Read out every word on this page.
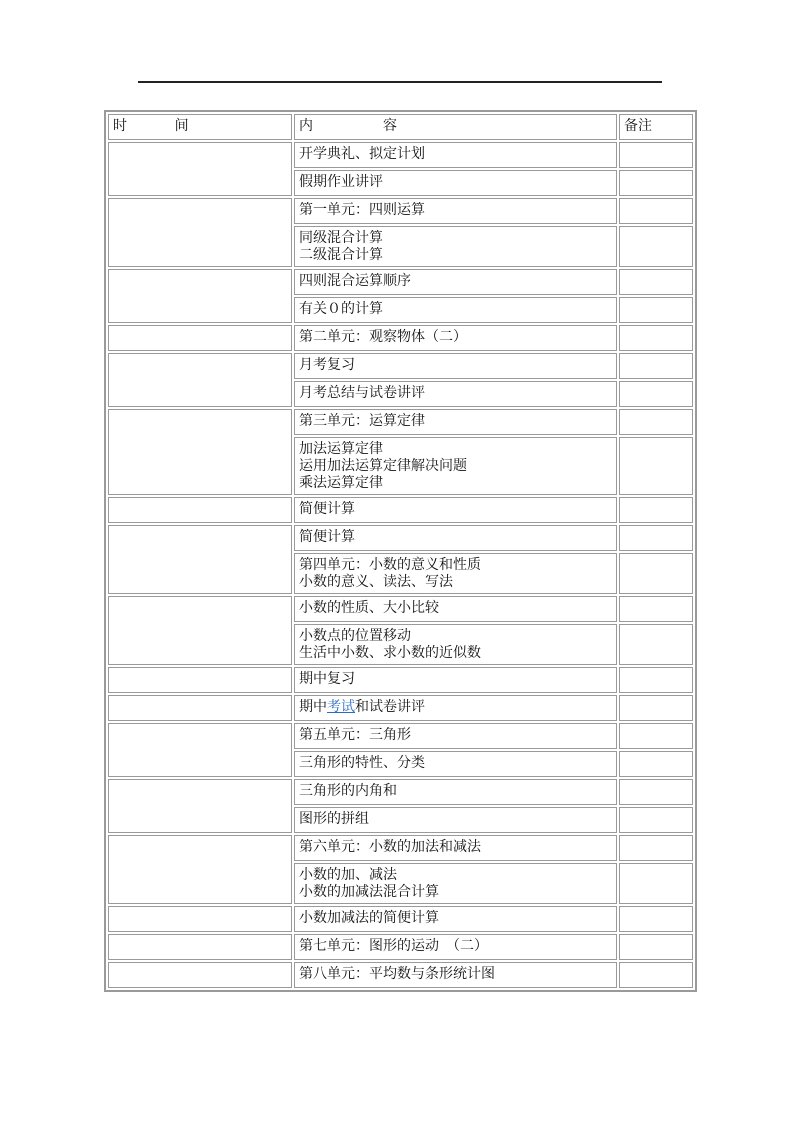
时　间	内　　　　　容	备注
	开学典礼、拟定计划	
	假期作业讲评	
	第一单元：四则运算	

	同级混合计算
二级混合计算	

	四则混合运算顺序	
	有关０的计算	
	第二单元：观察物体（二）	
	月考复习	
	月考总结与试卷讲评	
	第三单元：运算定律	

	加法运算定律
运用加法运算定律解决问题
乘法运算定律	

	简便计算	
	简便计算	

	第四单元：小数的意义和性质
小数的意义、读法、写法	

	小数的性质、大小比较	

	小数点的位置移动
生活中小数、求小数的近似数	

	期中复习	
	期中考试和试卷讲评	
	第五单元：三角形	
	三角形的特性、分类	
	三角形的内角和	
	图形的拼组	
	第六单元：小数的加法和减法	

	小数的加、减法
小数的加减法混合计算	

	小数加减法的简便计算	
	第七单元：图形的运动　（二）	
	第八单元：平均数与条形统计图	
